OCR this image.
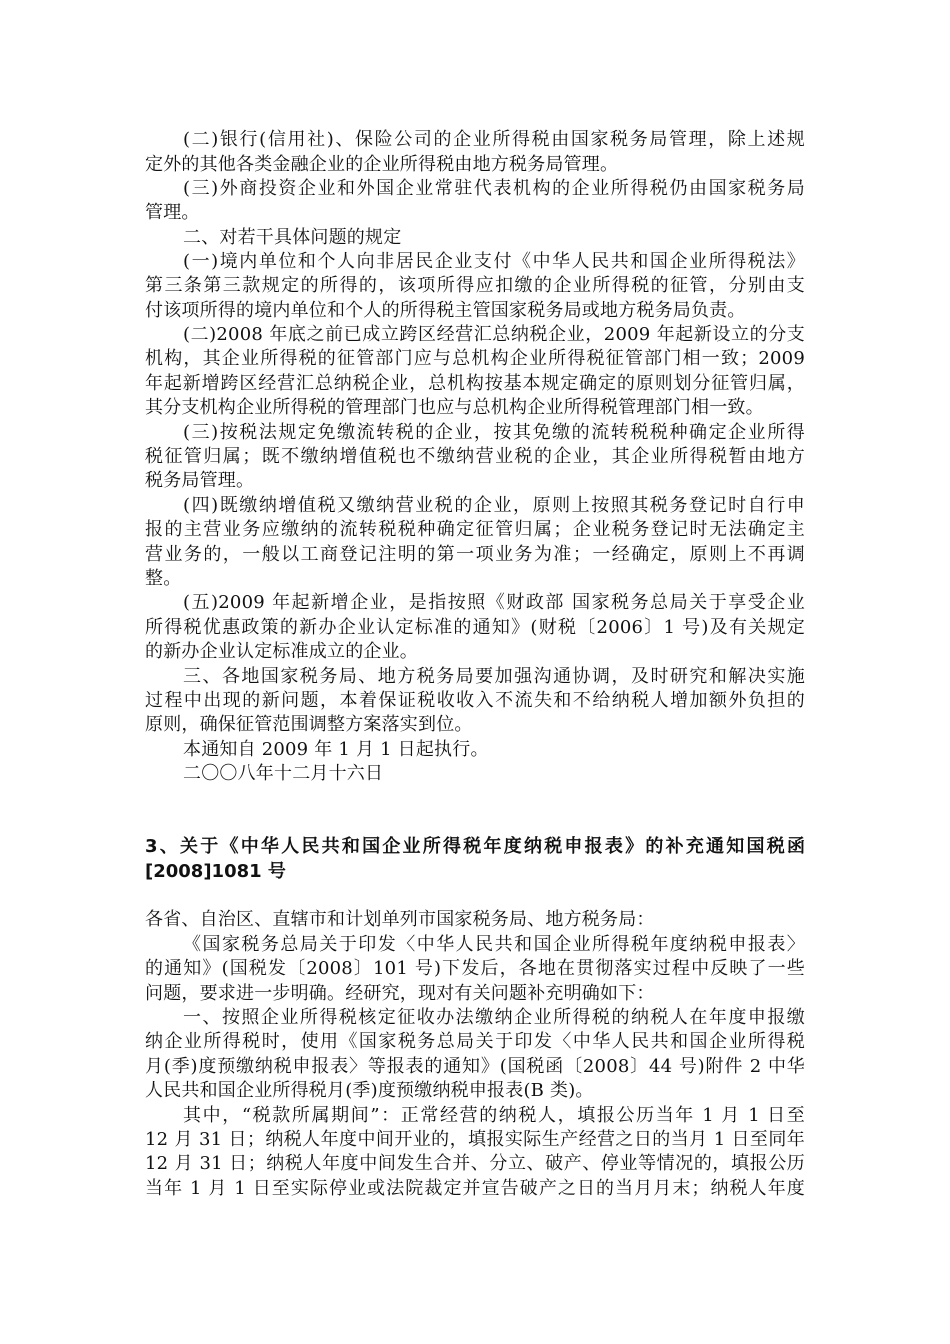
(二)银行(信用社)、保险公司的企业所得税由国家税务局管理，除上述规
定外的其他各类金融企业的企业所得税由地方税务局管理。
(三)外商投资企业和外国企业常驻代表机构的企业所得税仍由国家税务局
管理。
二、对若干具体问题的规定
(一)境内单位和个人向非居民企业支付《中华人民共和国企业所得税法》
第三条第三款规定的所得的，该项所得应扣缴的企业所得税的征管，分别由支
付该项所得的境内单位和个人的所得税主管国家税务局或地方税务局负责。
(二)2008 年底之前已成立跨区经营汇总纳税企业，2009 年起新设立的分支
机构，其企业所得税的征管部门应与总机构企业所得税征管部门相一致；2009
年起新增跨区经营汇总纳税企业，总机构按基本规定确定的原则划分征管归属，
其分支机构企业所得税的管理部门也应与总机构企业所得税管理部门相一致。
(三)按税法规定免缴流转税的企业，按其免缴的流转税税种确定企业所得
税征管归属；既不缴纳增值税也不缴纳营业税的企业，其企业所得税暂由地方
税务局管理。
(四)既缴纳增值税又缴纳营业税的企业，原则上按照其税务登记时自行申
报的主营业务应缴纳的流转税税种确定征管归属；企业税务登记时无法确定主
营业务的，一般以工商登记注明的第一项业务为准；一经确定，原则上不再调
整。
(五)2009 年起新增企业，是指按照《财政部 国家税务总局关于享受企业
所得税优惠政策的新办企业认定标准的通知》(财税〔2006〕1 号)及有关规定
的新办企业认定标准成立的企业。
三、各地国家税务局、地方税务局要加强沟通协调，及时研究和解决实施
过程中出现的新问题，本着保证税收收入不流失和不给纳税人增加额外负担的
原则，确保征管范围调整方案落实到位。
本通知自 2009 年 1 月 1 日起执行。
二〇〇八年十二月十六日
3、关于《中华人民共和国企业所得税年度纳税申报表》的补充通知国税函
[2008]1081 号
各省、自治区、直辖市和计划单列市国家税务局、地方税务局：
《国家税务总局关于印发〈中华人民共和国企业所得税年度纳税申报表〉
的通知》(国税发〔2008〕101 号)下发后，各地在贯彻落实过程中反映了一些
问题，要求进一步明确。经研究，现对有关问题补充明确如下：
一、按照企业所得税核定征收办法缴纳企业所得税的纳税人在年度申报缴
纳企业所得税时，使用《国家税务总局关于印发〈中华人民共和国企业所得税
月(季)度预缴纳税申报表〉等报表的通知》(国税函〔2008〕44 号)附件 2 中华
人民共和国企业所得税月(季)度预缴纳税申报表(B 类)。
其中，“税款所属期间”：正常经营的纳税人，填报公历当年 1 月 1 日至
12 月 31 日；纳税人年度中间开业的，填报实际生产经营之日的当月 1 日至同年
12 月 31 日；纳税人年度中间发生合并、分立、破产、停业等情况的，填报公历
当年 1 月 1 日至实际停业或法院裁定并宣告破产之日的当月月末；纳税人年度
